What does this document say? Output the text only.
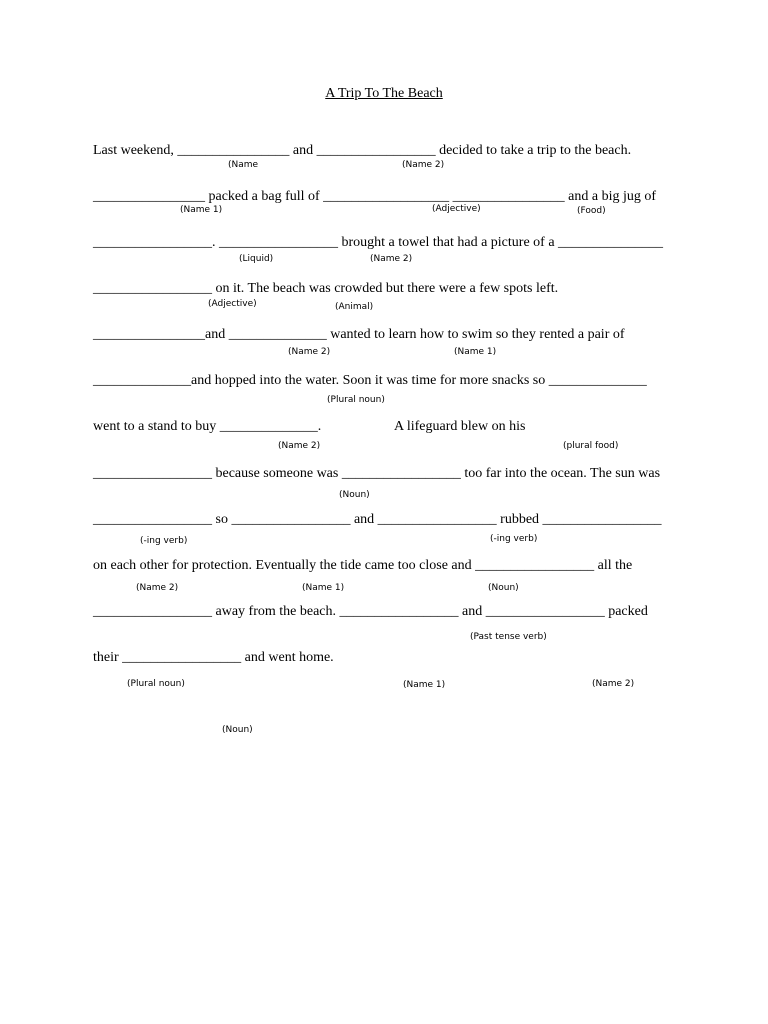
A Trip To The Beach
Last weekend, ________________ and _________________ decided to take a trip to the beach.
(Name	(Name 2)
________________ packed a bag full of __________________ ________________ and a big jug of
(Name 1)	(Adjective)	(Food)
_________________. _________________ brought a towel that had a picture of a _______________
(Liquid)	(Name 2)
_________________ on it. The beach was crowded but there were a few spots left.
(Adjective)	(Animal)
________________and ______________ wanted to learn how to swim so they rented a pair of
(Name 2)	(Name 1)
______________and hopped into the water. Soon it was time for more snacks so ______________
(Plural noun)
went to a stand to buy ______________.                     A lifeguard blew on his
(Name 2)	(plural food)
_________________ because someone was _________________ too far into the ocean. The sun was
(Noun)
_________________ so _________________ and _________________ rubbed _________________
(-ing verb)	(-ing verb)
on each other for protection. Eventually the tide came too close and _________________ all the
(Name 2)	(Name 1)	(Noun)
_________________ away from the beach. _________________ and _________________ packed
(Past tense verb)
their _________________ and went home.
(Plural noun)	(Name 1)	(Name 2)
(Noun)
